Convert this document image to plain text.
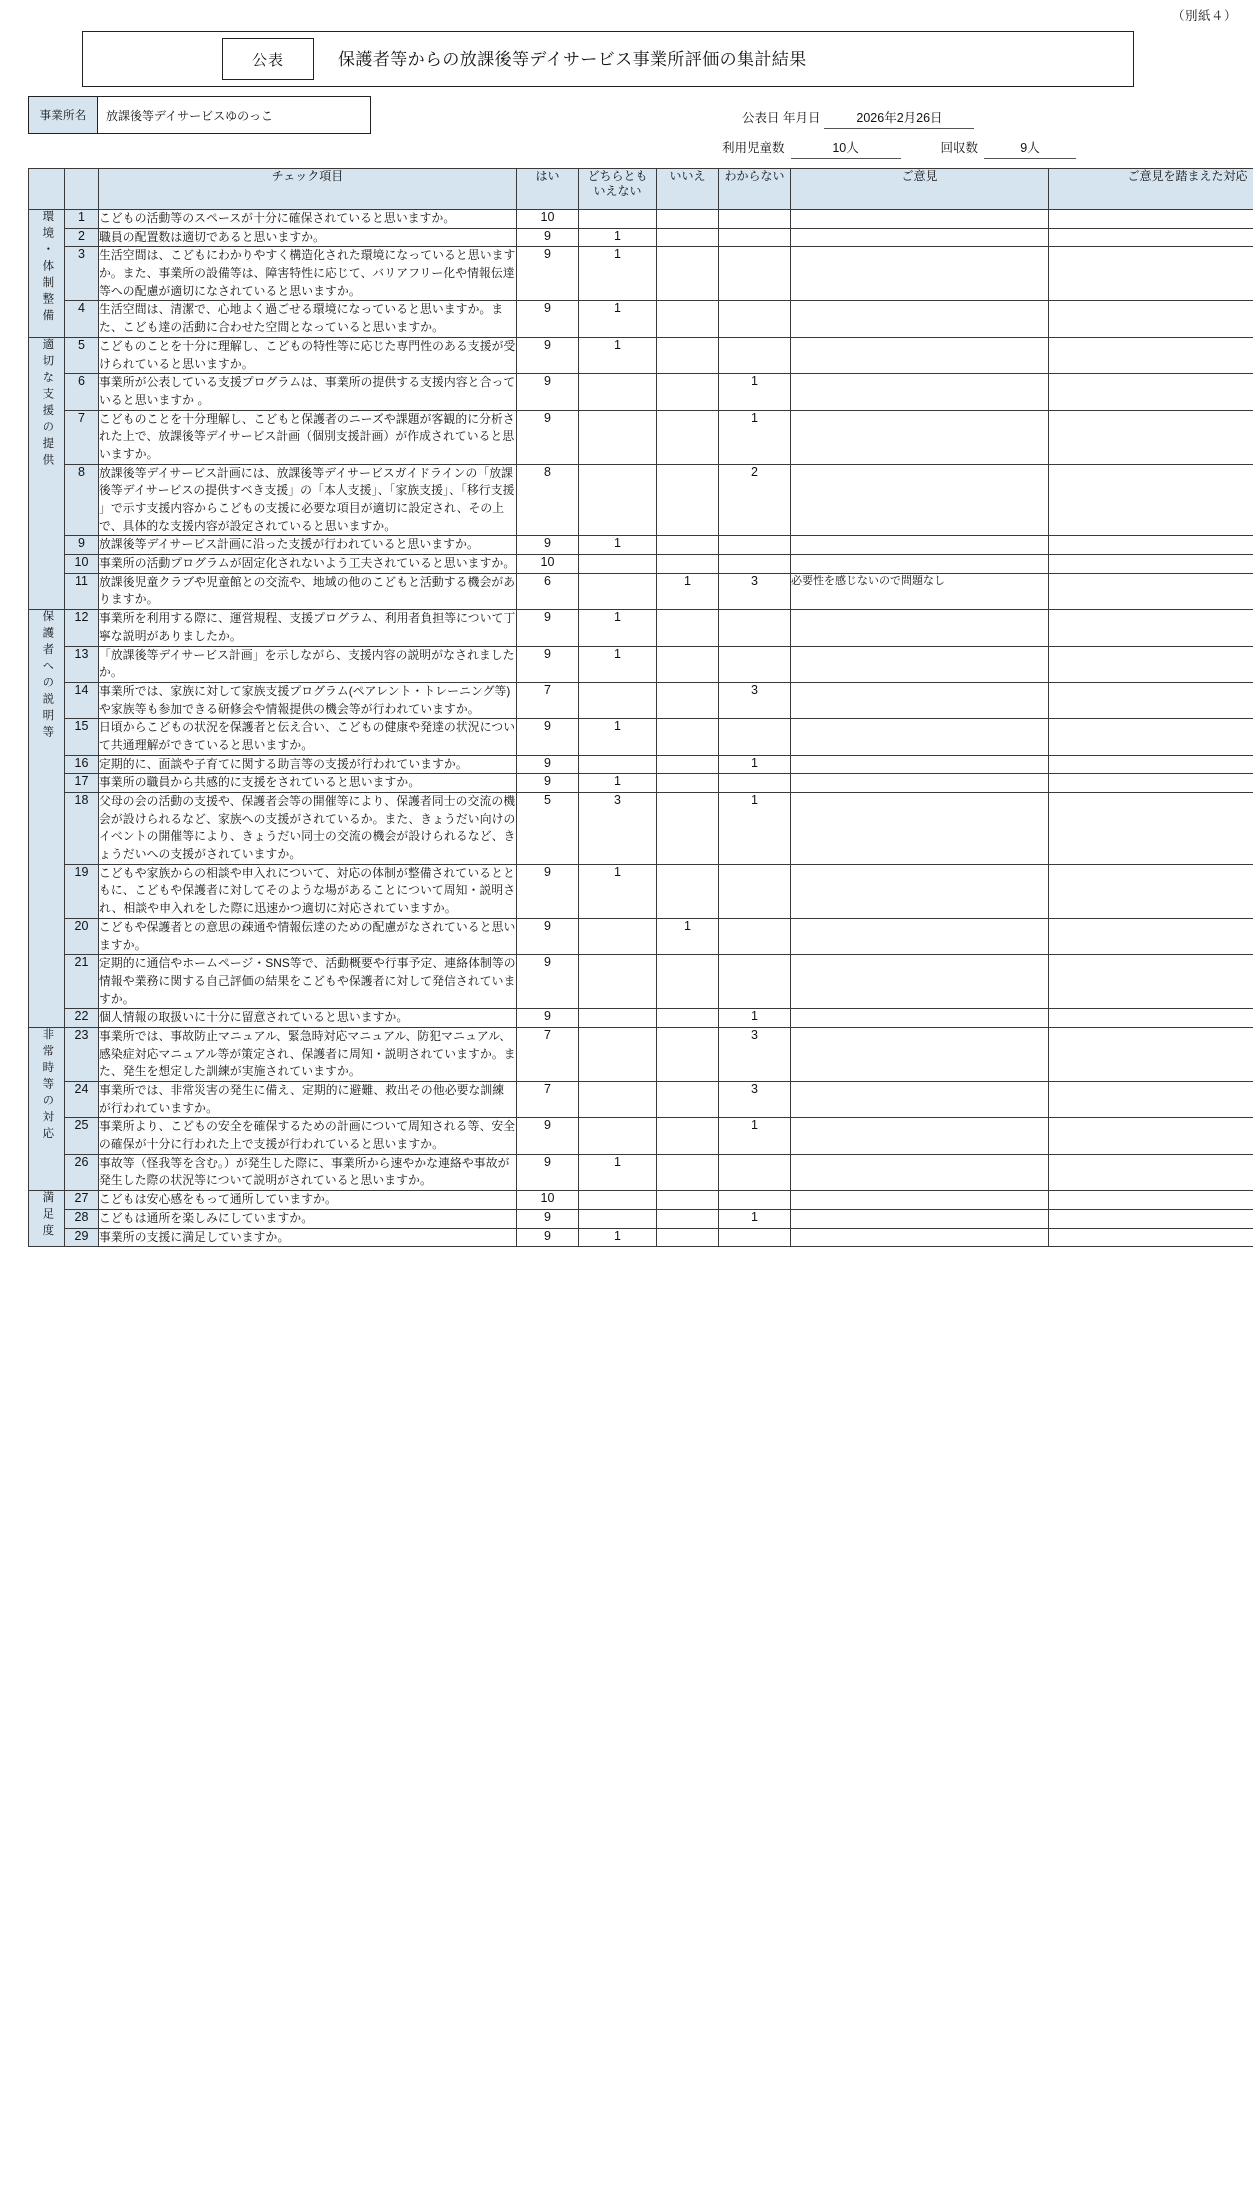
（別紙４）
公表	保護者等からの放課後等デイサービス事業所評価の集計結果
事業所名	放課後等デイサービスゆのっこ	公表日 年月日	2026年2月26日
利用児童数	10人	回収数	9人
		チェック項目	はい	どちらとも
いえない	いいえ	わからない	ご意見	ご意見を踏まえた対応

環境・体制整備	1	こどもの活動等のスペースが十分に確保されていると思いますか。	10					
	2	職員の配置数は適切であると思いますか。	9	1				
	3	生活空間は、こどもにわかりやすく構造化された環境になっていると思いますか。また、事業所の設備等は、障害特性に応じて、バリアフリー化や情報伝達等への配慮が適切になされていると思いますか。	9	1				
	4	生活空間は、清潔で、心地よく過ごせる環境になっていると思いますか。また、こども達の活動に合わせた空間となっていると思いますか。	9	1				

適切な支援の提供	5	こどものことを十分に理解し、こどもの特性等に応じた専門性のある支援が受けられていると思いますか。	9	1				
	6	事業所が公表している支援プログラムは、事業所の提供する支援内容と合っていると思いますか 。	9			1		
	7	こどものことを十分理解し、こどもと保護者のニーズや課題が客観的に分析された上で、放課後等デイサービス計画（個別支援計画）が作成されていると思いますか。	9			1		
	8	放課後等デイサービス計画には、放課後等デイサービスガイドラインの「放課後等デイサービスの提供すべき支援」の「本人支援」、「家族支援」、「移行支援 」で示す支援内容からこどもの支援に必要な項目が適切に設定され、その上で、具体的な支援内容が設定されていると思いますか。	8			2		
	9	放課後等デイサービス計画に沿った支援が行われていると思いますか。	9	1				
	10	事業所の活動プログラムが固定化されないよう工夫されていると思いますか。	10					
	11	放課後児童クラブや児童館との交流や、地域の他のこどもと活動する機会がありますか。	6		1	3	必要性を感じないので問題なし	

保護者への説明等	12	事業所を利用する際に、運営規程、支援プログラム、利用者負担等について丁寧な説明がありましたか。	9	1				
	13	「放課後等デイサービス計画」を示しながら、支援内容の説明がなされましたか。	9	1				
	14	事業所では、家族に対して家族支援プログラム(ペアレント・トレーニング等)や家族等も参加できる研修会や情報提供の機会等が行われていますか。	7			3		
	15	日頃からこどもの状況を保護者と伝え合い、こどもの健康や発達の状況について共通理解ができていると思いますか。	9	1				
	16	定期的に、面談や子育てに関する助言等の支援が行われていますか。	9			1		
	17	事業所の職員から共感的に支援をされていると思いますか。	9	1				
	18	父母の会の活動の支援や、保護者会等の開催等により、保護者同士の交流の機会が設けられるなど、家族への支援がされているか。また、きょうだい向けのイベントの開催等により、きょうだい同士の交流の機会が設けられるなど、きょうだいへの支援がされていますか。	5	3		1		
	19	こどもや家族からの相談や申入れについて、対応の体制が整備されているとともに、こどもや保護者に対してそのような場があることについて周知・説明され、相談や申入れをした際に迅速かつ適切に対応されていますか。	9	1				
	20	こどもや保護者との意思の疎通や情報伝達のための配慮がなされていると思いますか。	9		1			
	21	定期的に通信やホームページ・SNS等で、活動概要や行事予定、連絡体制等の情報や業務に関する自己評価の結果をこどもや保護者に対して発信されていますか。	9					
	22	個人情報の取扱いに十分に留意されていると思いますか。	9			1		

非常時等の対応	23	事業所では、事故防止マニュアル、緊急時対応マニュアル、防犯マニュアル、感染症対応マニュアル等が策定され、保護者に周知・説明されていますか。また、発生を想定した訓練が実施されていますか。	7			3		
	24	事業所では、非常災害の発生に備え、定期的に避難、救出その他必要な訓練が行われていますか。	7			3		
	25	事業所より、こどもの安全を確保するための計画について周知される等、安全の確保が十分に行われた上で支援が行われていると思いますか。	9			1		
	26	事故等（怪我等を含む。）が発生した際に、事業所から速やかな連絡や事故が発生した際の状況等について説明がされていると思いますか。	9	1				

満足度	27	こどもは安心感をもって通所していますか。	10					
	28	こどもは通所を楽しみにしていますか。	9			1		
	29	事業所の支援に満足していますか。	9	1				
